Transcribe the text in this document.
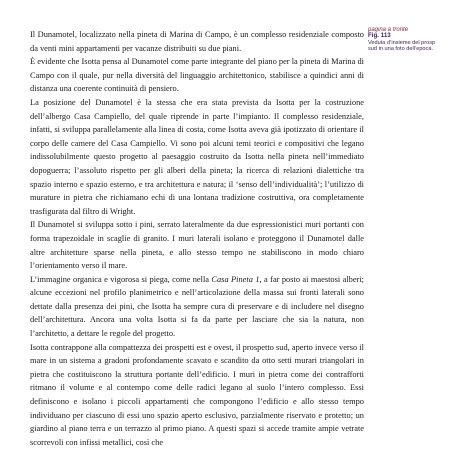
Il Dunamotel, localizzato nella pineta di Marina di Campo, è un complesso residenziale composto da venti mini appartamenti per vacanze distribuiti su due piani.

È evidente che Isotta pensa al Dunamotel come parte integrante del piano per la pineta di Marina di Campo con il quale, pur nella diversità del linguaggio architettonico, stabilisce a quindici anni di distanza una coerente continuità di pensiero.

La posizione del Dunamotel è la stessa che era stata prevista da Isotta per la costruzione dell’albergo Casa Campiello, del quale riprende in parte l’impianto. Il complesso residenziale, infatti, si sviluppa parallelamente alla linea di costa, come Isotta aveva già ipotizzato di orientare il corpo delle camere del Casa Campiello. Vi sono poi alcuni temi teorici e compositivi che legano indissolubilmente questo progetto al paesaggio costruito da Isotta nella pineta nell’immediato dopoguerra; l’assoluto rispetto per gli alberi della pineta; la ricerca di relazioni dialettiche tra spazio interno e spazio esterno, e tra architettura e natura; il ‘senso dell’individualità’; l’utilizzo di murature in pietra che richiamano echi di una lontana tradizione costruttiva, ora completamente trasfigurata dal filtro di Wright.

Il Dunamotel si sviluppa sotto i pini, serrato lateralmente da due espressionistici muri portanti con forma trapezoidale in scaglie di granito. I muri laterali isolano e proteggono il Dunamotel dalle altre architetture sparse nella pineta, e allo stesso tempo ne stabiliscono in modo chiaro l’orientamento verso il mare.

L’immagine organica e vigorosa si piega, come nella Casa Pineta 1, a far posto ai maestosi alberi; alcune eccezioni nel profilo planimetrico e nell’articolazione della massa sui fronti laterali sono dettate dalla presenza dei pini, che Isotta ha sempre cura di preservare e di includere nel disegno dell’architettura. Ancora una volta Isotta si fa da parte per lasciare che sia la natura, non l’architetto, a dettare le regole del progetto.

Isotta contrappone alla compattezza dei prospetti est e ovest, il prospetto sud, aperto invece verso il mare in un sistema a gradoni profondamente scavato e scandito da otto setti murari triangolari in pietra che costituiscono la struttura portante dell’edificio. I muri in pietra come dei contrafforti ritmano il volume e al contempo come delle radici legano al suolo l’intero complesso. Essi definiscono e isolano i piccoli appartamenti che compongono l’edificio e allo stesso tempo individuano per ciascuno di essi uno spazio aperto esclusivo, parzialmente riservato e protetto; un giardino al piano terra e un terrazzo al primo piano. A questi spazi si accede tramite ampie vetrate scorrevoli con infissi metallici, così che

pagina a fronte
Fig. 113
Veduta d’insieme del prosp
sud in una foto dell’epoca.
